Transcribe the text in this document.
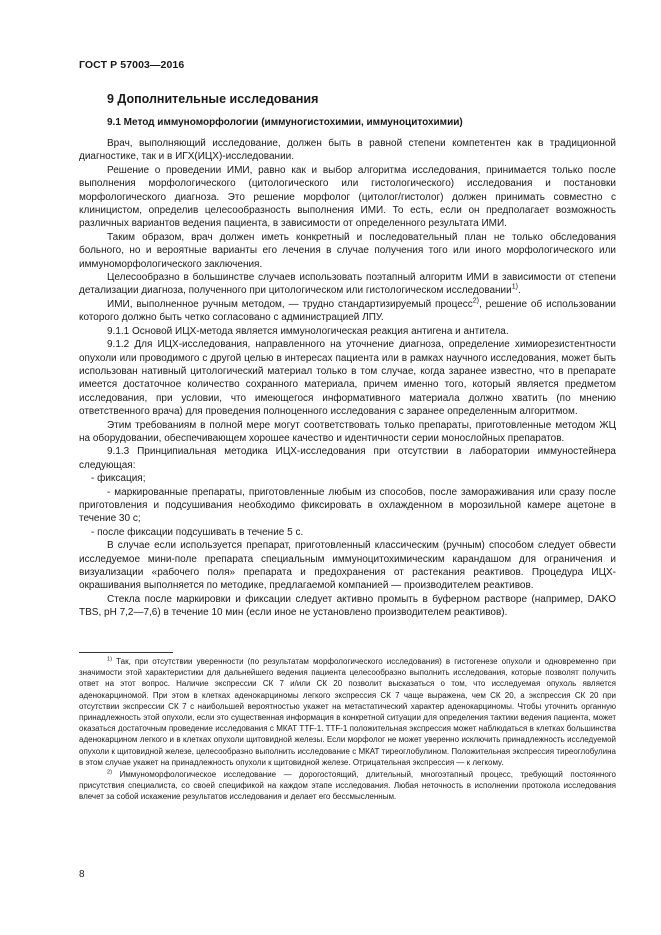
ГОСТ Р 57003—2016
9 Дополнительные исследования
9.1 Метод иммуноморфологии (иммуногистохимии, иммуноцитохимии)

Врач, выполняющий исследование, должен быть в равной степени компетентен как в традиционной диагностике, так и в ИГХ(ИЦХ)-исследовании.

Решение о проведении ИМИ, равно как и выбор алгоритма исследования, принимается только после выполнения морфологического (цитологического или гистологического) исследования и постановки морфологического диагноза. Это решение морфолог (цитолог/гистолог) должен принимать совместно с клиницистом, определив целесообразность выполнения ИМИ. То есть, если он предполагает возможность различных вариантов ведения пациента, в зависимости от определенного результата ИМИ.

Таким образом, врач должен иметь конкретный и последовательный план не только обследования больного, но и вероятные варианты его лечения в случае получения того или иного морфологического или иммуноморфологического заключения.

Целесообразно в большинстве случаев использовать поэтапный алгоритм ИМИ в зависимости от степени детализации диагноза, полученного при цитологическом или гистологическом исследовании$^{1)}$.

ИМИ, выполненное ручным методом, — трудно стандартизируемый процесс$^{2)}$, решение об использовании которого должно быть четко согласовано с администрацией ЛПУ.

9.1.1 Основой ИЦХ-метода является иммунологическая реакция антигена и антитела.

9.1.2 Для ИЦХ-исследования, направленного на уточнение диагноза, определение химиорезистентности опухоли или проводимого с другой целью в интересах пациента или в рамках научного исследования, может быть использован нативный цитологический материал только в том случае, когда заранее известно, что в препарате имеется достаточное количество сохранного материала, причем именно того, который является предметом исследования, при условии, что имеющегося информативного материала должно хватить (по мнению ответственного врача) для проведения полноценного исследования с заранее определенным алгоритмом.

Этим требованиям в полной мере могут соответствовать только препараты, приготовленные методом ЖЦ на оборудовании, обеспечивающем хорошее качество и идентичности серии монослойных препаратов.

9.1.3 Принципиальная методика ИЦХ-исследования при отсутствии в лаборатории иммуностейнера следующая:

- фиксация;

- маркированные препараты, приготовленные любым из способов, после замораживания или сразу после приготовления и подсушивания необходимо фиксировать в охлажденном в морозильной камере ацетоне в течение 30 с;

- после фиксации подсушивать в течение 5 с.

В случае если используется препарат, приготовленный классическим (ручным) способом следует обвести исследуемое мини-поле препарата специальным иммуноцитохимическим карандашом для ограничения и визуализации «рабочего поля» препарата и предохранения от растекания реактивов. Процедура ИЦХ-окрашивания выполняется по методике, предлагаемой компанией — производителем реактивов.

Стекла после маркировки и фиксации следует активно промыть в буферном растворе (например, DAKO TBS, pH 7,2—7,6) в течение 10 мин (если иное не установлено производителем реактивов).

$^{1)}$ Так, при отсутствии уверенности (по результатам морфологического исследования) в гистогенезе опухоли и одновременно при значимости этой характеристики для дальнейшего ведения пациента целесообразно выполнить исследования, которые позволят получить ответ на этот вопрос. Наличие экспрессии СК 7 и/или СК 20 позволит высказаться о том, что исследуемая опухоль является аденокарциномой. При этом в клетках аденокарциномы легкого экспрессия СК 7 чаще выражена, чем СК 20, а экспрессия СК 20 при отсутствии экспрессии СК 7 с наибольшей вероятностью укажет на метастатический характер аденокарциномы. Чтобы уточнить органную принадлежность этой опухоли, если это существенная информация в конкретной ситуации для определения тактики ведения пациента, может оказаться достаточным проведение исследования с МКАТ TTF-1. TTF-1 положительная экспрессия может наблюдаться в клетках большинства аденокарцином легкого и в клетках опухоли щитовидной железы. Если морфолог не может уверенно исключить принадлежность исследуемой опухоли к щитовидной железе, целесообразно выполнить исследование с МКАТ тиреоглобулином. Положительная экспрессия тиреоглобулина в этом случае укажет на принадлежность опухоли к щитовидной железе. Отрицательная экспрессия — к легкому.

$^{2)}$ Иммуноморфологическое исследование — дорогостоящий, длительный, многоэтапный процесс, требующий постоянного присутствия специалиста, со своей спецификой на каждом этапе исследования. Любая неточность в исполнении протокола исследования влечет за собой искажение результатов исследования и делает его бессмысленным.

8
